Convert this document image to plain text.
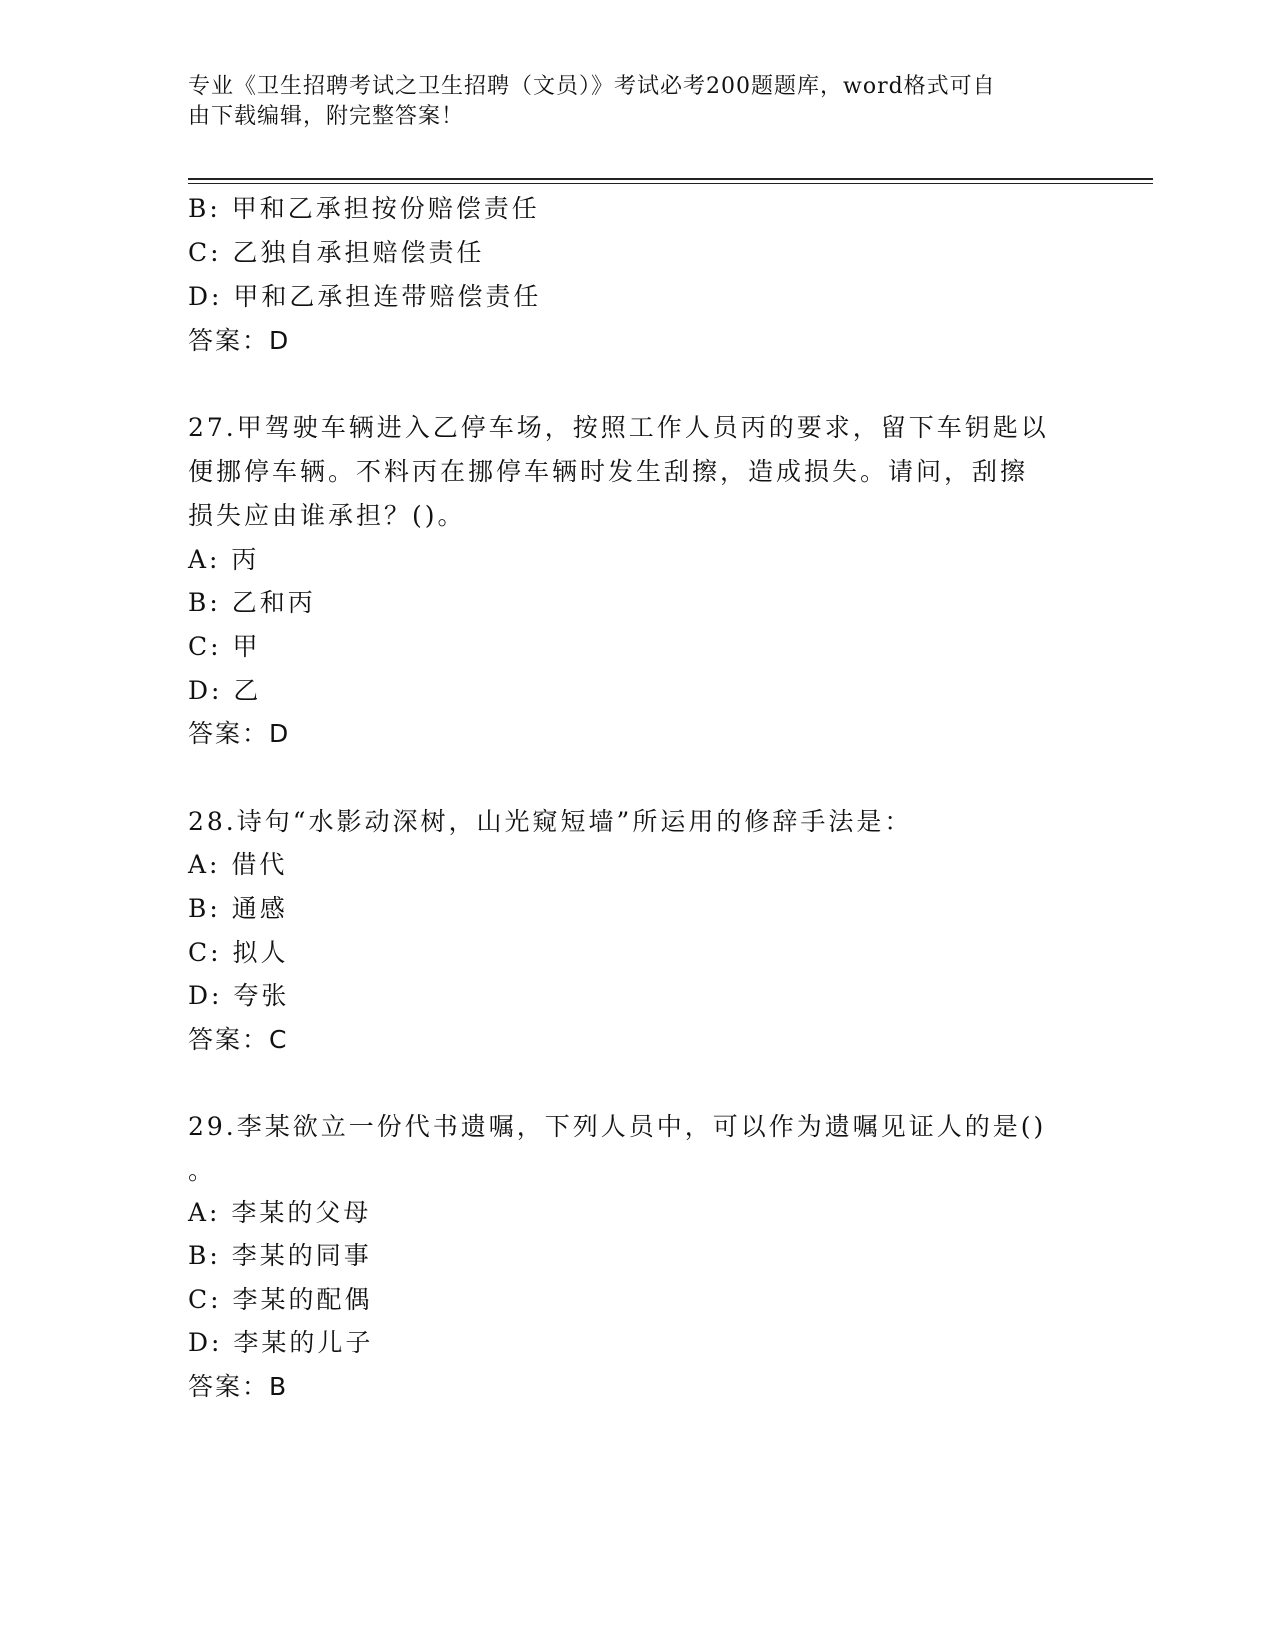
专业《卫生招聘考试之卫生招聘（文员）》考试必考200题题库，word格式可自
由下载编辑，附完整答案！
B: 甲和乙承担按份赔偿责任
C: 乙独自承担赔偿责任
D: 甲和乙承担连带赔偿责任
答案：D
27.甲驾驶车辆进入乙停车场，按照工作人员丙的要求，留下车钥匙以
便挪停车辆。不料丙在挪停车辆时发生刮擦，造成损失。请问，刮擦
损失应由谁承担？()。
A: 丙
B: 乙和丙
C: 甲
D: 乙
答案：D
28.诗句“水影动深树，山光窥短墙”所运用的修辞手法是：
A: 借代
B: 通感
C: 拟人
D: 夸张
答案：C
29.李某欲立一份代书遗嘱，下列人员中，可以作为遗嘱见证人的是()
。
A: 李某的父母
B: 李某的同事
C: 李某的配偶
D: 李某的儿子
答案：B
